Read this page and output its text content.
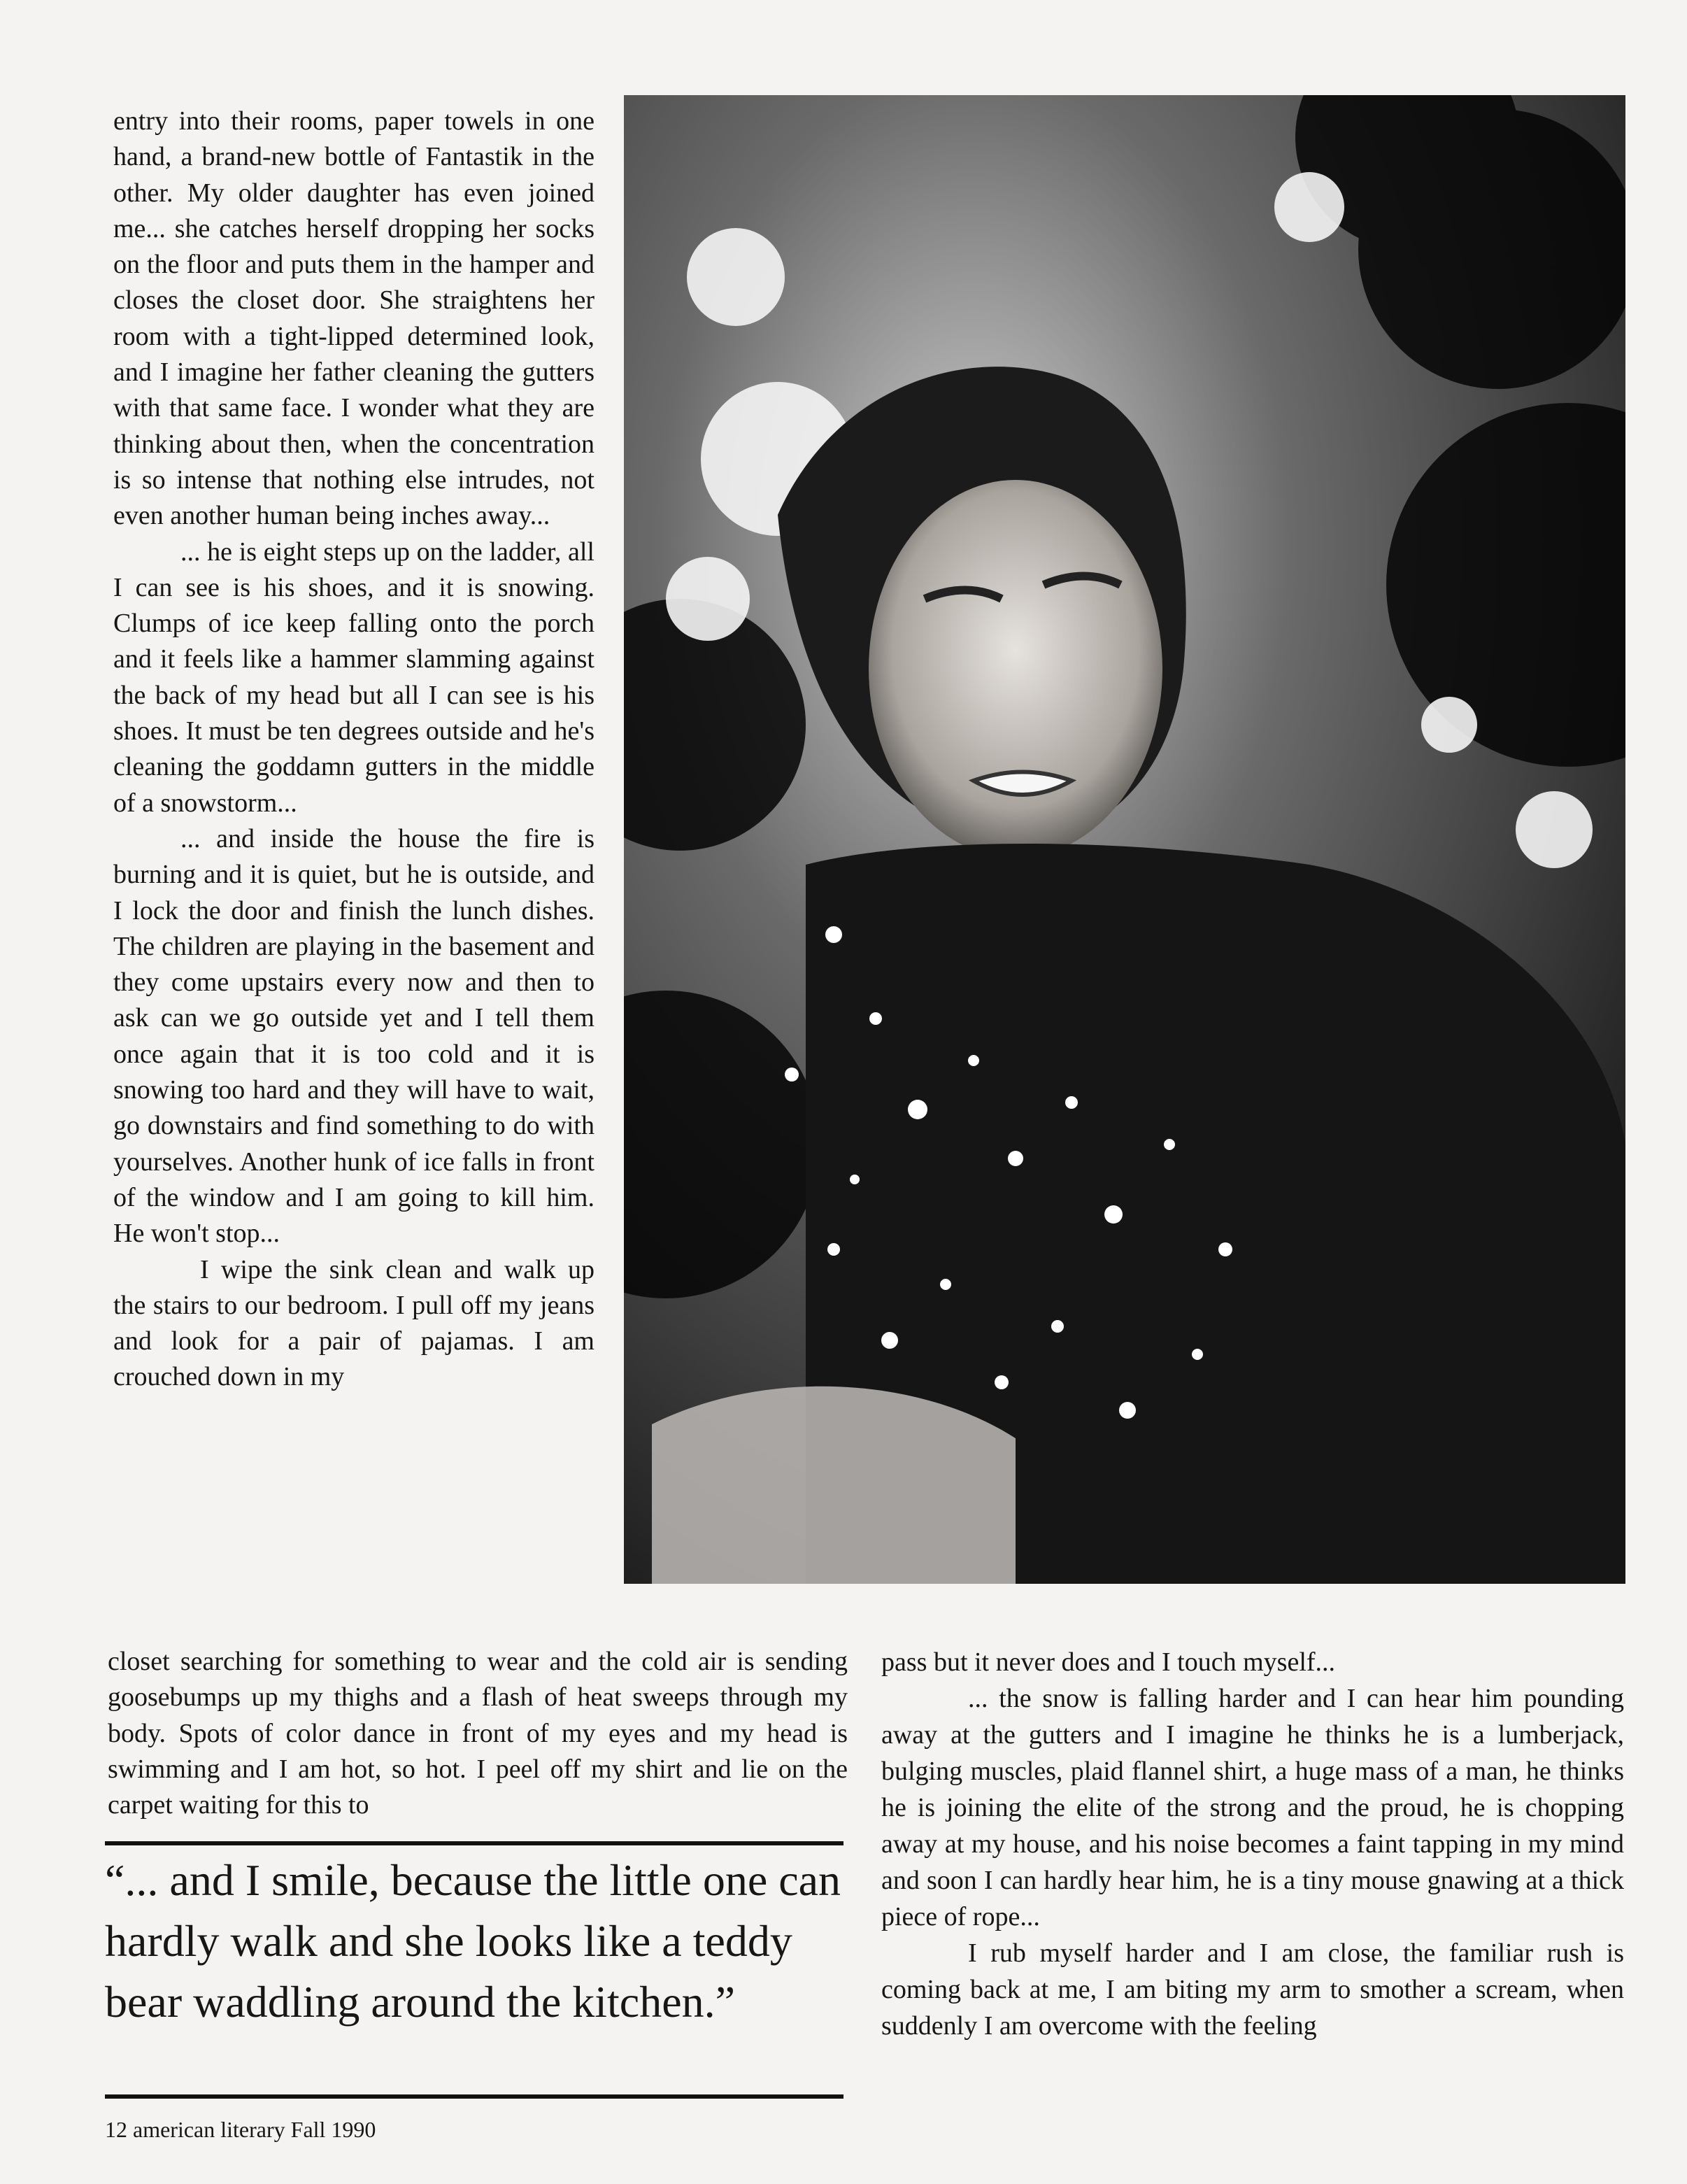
entry into their rooms, paper towels in one hand, a brand-new bottle of Fantastik in the other. My older daughter has even joined me... she catches herself dropping her socks on the floor and puts them in the hamper and closes the closet door. She straightens her room with a tight-lipped determined look, and I imagine her father cleaning the gutters with that same face. I wonder what they are thinking about then, when the concentration is so intense that nothing else intrudes, not even another human being inches away...

... he is eight steps up on the ladder, all I can see is his shoes, and it is snowing. Clumps of ice keep falling onto the porch and it feels like a hammer slamming against the back of my head but all I can see is his shoes. It must be ten degrees outside and he's cleaning the goddamn gutters in the middle of a snowstorm...

... and inside the house the fire is burning and it is quiet, but he is outside, and I lock the door and finish the lunch dishes. The children are playing in the basement and they come upstairs every now and then to ask can we go outside yet and I tell them once again that it is too cold and it is snowing too hard and they will have to wait, go downstairs and find something to do with yourselves. Another hunk of ice falls in front of the window and I am going to kill him. He won't stop...

I wipe the sink clean and walk up the stairs to our bedroom. I pull off my jeans and look for a pair of pajamas. I am crouched down in my

closet searching for something to wear and the cold air is sending goosebumps up my thighs and a flash of heat sweeps through my body. Spots of color dance in front of my eyes and my head is swimming and I am hot, so hot. I peel off my shirt and lie on the carpet waiting for this to

“... and I smile, because the little one can hardly walk and she looks like a teddy bear waddling around the kitchen.”

pass but it never does and I touch myself...

... the snow is falling harder and I can hear him pounding away at the gutters and I imagine he thinks he is a lumberjack, bulging muscles, plaid flannel shirt, a huge mass of a man, he thinks he is joining the elite of the strong and the proud, he is chopping away at my house, and his noise becomes a faint tapping in my mind and soon I can hardly hear him, he is a tiny mouse gnawing at a thick piece of rope...

I rub myself harder and I am close, the familiar rush is coming back at me, I am biting my arm to smother a scream, when suddenly I am overcome with the feeling

12 american literary Fall 1990
